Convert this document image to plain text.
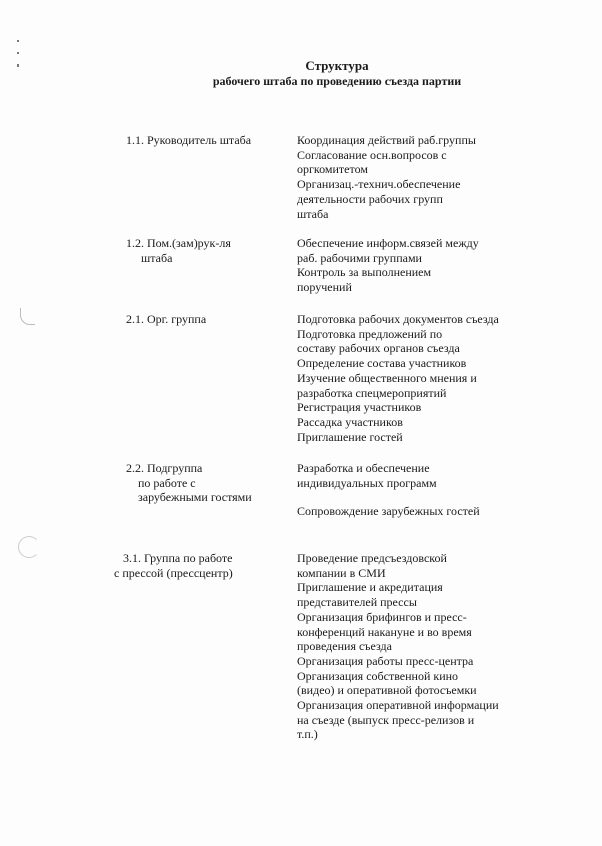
Структура
рабочего штаба по проведению съезда партии
1.1. Руководитель штаба	Координация действий раб.группы
Согласование осн.вопросов с
оргкомитетом
Организац.-технич.обеспечение
деятельности рабочих групп
штаба
1.2. Пом.(зам)рук-ля
штаба
Обеспечение информ.связей между
раб. рабочими группами
Контроль за выполнением
поручений
2.1. Орг. группа	Подготовка рабочих документов съезда
Подготовка предложений по
составу рабочих органов съезда
Определение состава участников
Изучение общественного мнения и
разработка спецмероприятий
Регистрация участников
Рассадка участников
Приглашение гостей
2.2. Подгруппа
по работе с
зарубежными гостями
Разработка и обеспечение
индивидуальных программ
Сопровождение зарубежных гостей
3.1. Группа по работе
с прессой (прессцентр)
Проведение предсъездовской
компании в СМИ
Приглашение и акредитация
представителей прессы
Организация брифингов и пресс-
конференций накануне и во время
проведения съезда
Организация работы пресс-центра
Организация собственной кино
(видео) и оперативной фотосъемки
Организация оперативной информации
на съезде (выпуск пресс-релизов и
т.п.)
